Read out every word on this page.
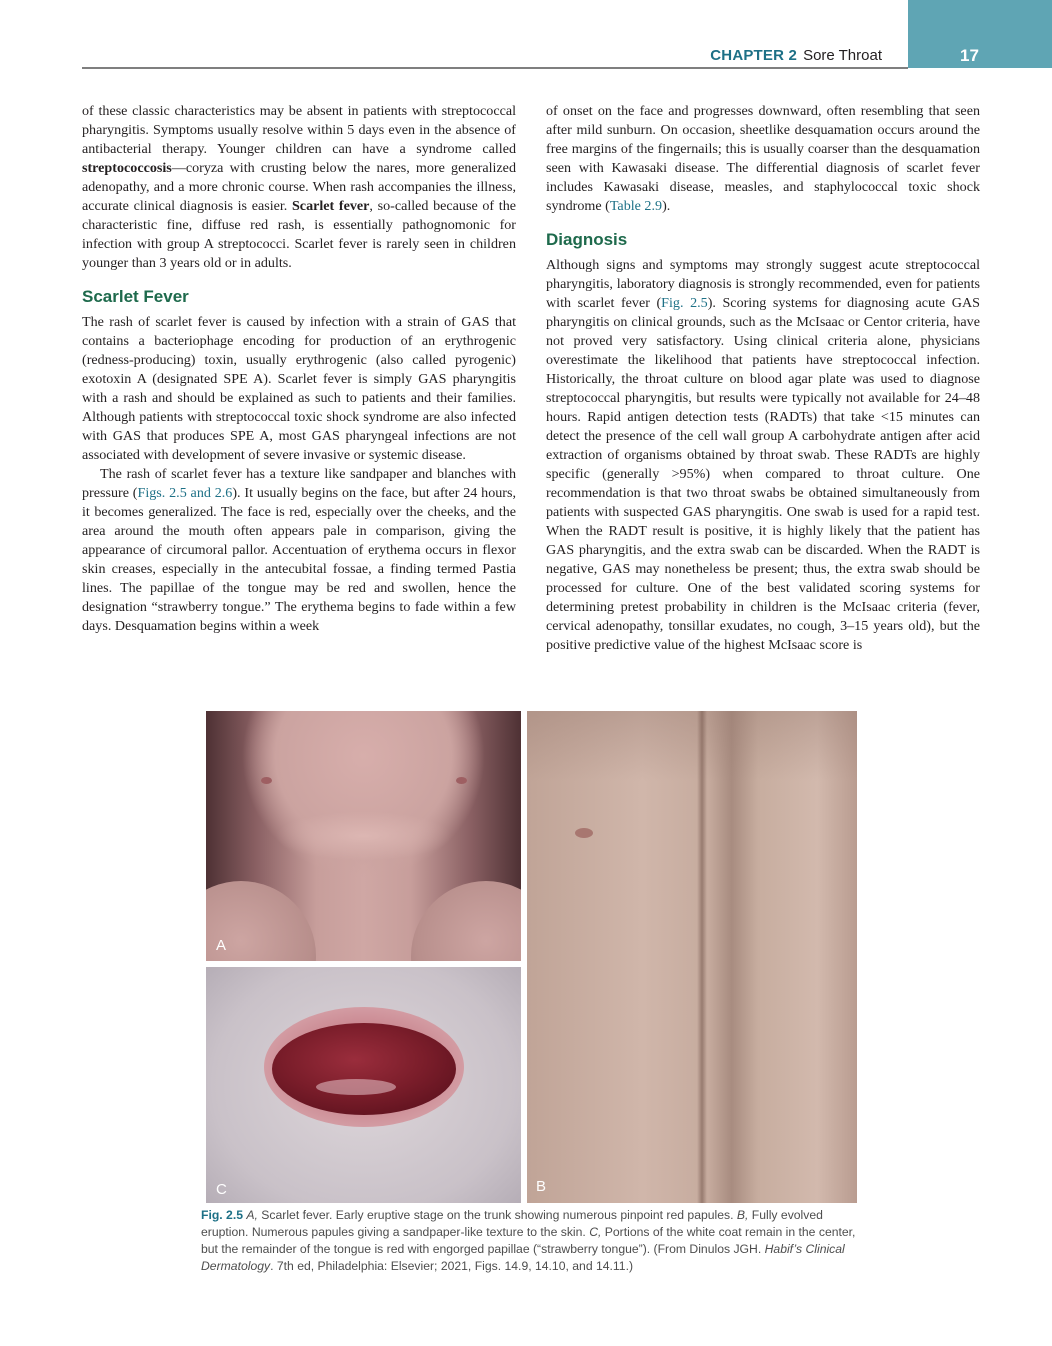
17
CHAPTER 2 Sore Throat

of these classic characteristics may be absent in patients with streptococcal pharyngitis. Symptoms usually resolve within 5 days even in the absence of antibacterial therapy. Younger children can have a syndrome called streptococcosis—coryza with crusting below the nares, more generalized adenopathy, and a more chronic course. When rash accompanies the illness, accurate clinical diagnosis is easier. Scarlet fever, so-called because of the characteristic fine, diffuse red rash, is essentially pathognomonic for infection with group A streptococci. Scarlet fever is rarely seen in children younger than 3 years old or in adults.

Scarlet Fever

The rash of scarlet fever is caused by infection with a strain of GAS that contains a bacteriophage encoding for production of an erythrogenic (redness-producing) toxin, usually erythrogenic (also called pyrogenic) exotoxin A (designated SPE A). Scarlet fever is simply GAS pharyngitis with a rash and should be explained as such to patients and their families. Although patients with streptococcal toxic shock syndrome are also infected with GAS that produces SPE A, most GAS pharyngeal infections are not associated with development of severe invasive or systemic disease.

The rash of scarlet fever has a texture like sandpaper and blanches with pressure (Figs. 2.5 and 2.6). It usually begins on the face, but after 24 hours, it becomes generalized. The face is red, especially over the cheeks, and the area around the mouth often appears pale in comparison, giving the appearance of circumoral pallor. Accentuation of erythema occurs in flexor skin creases, especially in the antecubital fossae, a finding termed Pastia lines. The papillae of the tongue may be red and swollen, hence the designation “strawberry tongue.” The erythema begins to fade within a few days. Desquamation begins within a week

of onset on the face and progresses downward, often resembling that seen after mild sunburn. On occasion, sheetlike desquamation occurs around the free margins of the fingernails; this is usually coarser than the desquamation seen with Kawasaki disease. The differential diagnosis of scarlet fever includes Kawasaki disease, measles, and staphylococcal toxic shock syndrome (Table 2.9).

Diagnosis

Although signs and symptoms may strongly suggest acute streptococcal pharyngitis, laboratory diagnosis is strongly recommended, even for patients with scarlet fever (Fig. 2.5). Scoring systems for diagnosing acute GAS pharyngitis on clinical grounds, such as the McIsaac or Centor criteria, have not proved very satisfactory. Using clinical criteria alone, physicians overestimate the likelihood that patients have streptococcal infection. Historically, the throat culture on blood agar plate was used to diagnose streptococcal pharyngitis, but results were typically not available for 24–48 hours. Rapid antigen detection tests (RADTs) that take <15 minutes can detect the presence of the cell wall group A carbohydrate antigen after acid extraction of organisms obtained by throat swab. These RADTs are highly specific (generally >95%) when compared to throat culture. One recommendation is that two throat swabs be obtained simultaneously from patients with suspected GAS pharyngitis. One swab is used for a rapid test. When the RADT result is positive, it is highly likely that the patient has GAS pharyngitis, and the extra swab can be discarded. When the RADT is negative, GAS may nonetheless be present; thus, the extra swab should be processed for culture. One of the best validated scoring systems for determining pretest probability in children is the McIsaac criteria (fever, cervical adenopathy, tonsillar exudates, no cough, 3–15 years old), but the positive predictive value of the highest McIsaac score is

A
C	B
Fig. 2.5 A, Scarlet fever. Early eruptive stage on the trunk showing numerous pinpoint red papules. B, Fully evolved eruption. Numerous papules giving a sandpaper-like texture to the skin. C, Portions of the white coat remain in the center, but the remainder of the tongue is red with engorged papillae (“strawberry tongue”). (From Dinulos JGH. Habif’s Clinical Dermatology. 7th ed, Philadelphia: Elsevier; 2021, Figs. 14.9, 14.10, and 14.11.)
